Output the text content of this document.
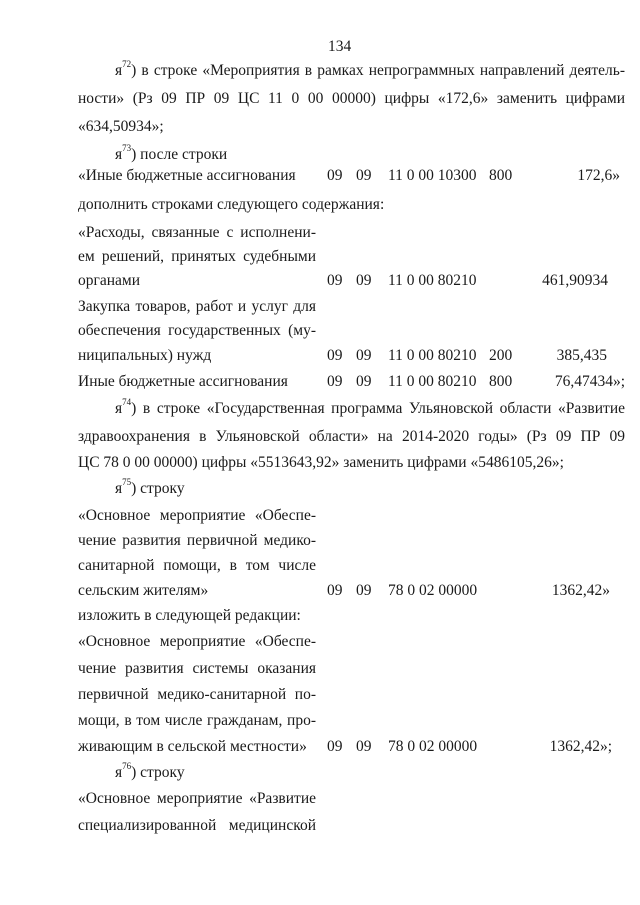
134
$я^{72}$) в строке «Мероприятия в рамках непрограммных направлений деятель-
ности» (Рз 09 ПР 09 ЦС 11 0 00 00000) цифры «172,6» заменить цифрами
«634,50934»;
$я^{73}$) после строки
«Иные бюджетные ассигнования 09 09 11 0 00 10300 800	172,6»
дополнить строками следующего содержания:
«Расходы, связанные с исполнени-
ем решений, принятых судебными
органами	09 09 11 0 00 80210	461,90934
Закупка товаров, работ и услуг для
обеспечения государственных (му-
ниципальных) нужд	09 09 11 0 00 80210 200	385,435
Иные бюджетные ассигнования	09 09 11 0 00 80210 800	76,47434»;
$я^{74}$) в строке «Государственная программа Ульяновской области «Развитие
здравоохранения в Ульяновской области» на 2014-2020 годы» (Рз 09 ПР 09
ЦС 78 0 00 00000) цифры «5513643,92» заменить цифрами «5486105,26»;
$я^{75}$) строку
«Основное мероприятие «Обеспе-
чение развития первичной медико-
санитарной помощи, в том числе
сельским жителям»	09 09 78 0 02 00000	1362,42»
изложить в следующей редакции:
«Основное мероприятие «Обеспе-
чение развития системы оказания
первичной медико-санитарной по-
мощи, в том числе гражданам, про-
живающим в сельской местности» 09 09 78 0 02 00000	1362,42»;
$я^{76}$) строку
«Основное мероприятие «Развитие
специализированной медицинской
